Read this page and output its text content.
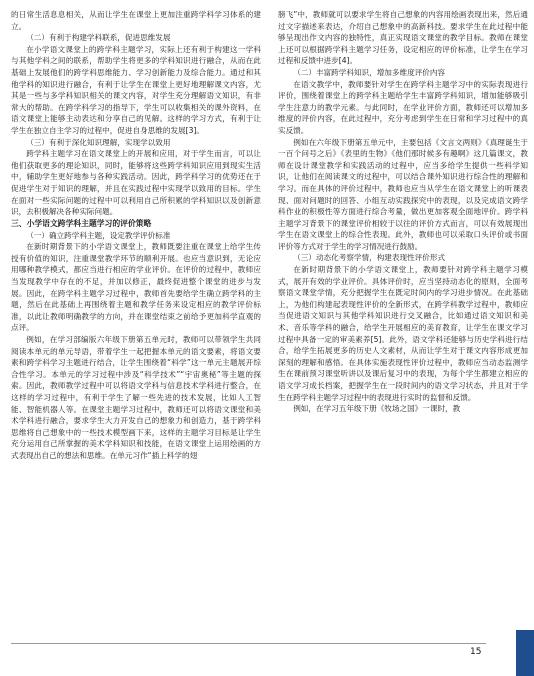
的日常生活息息相关，从而让学生在课堂上更加注重跨学科学习体系的建立。

（二）有利于构建学科联系，促进思维发展

在小学语文课堂上的跨学科主题学习，实际上还有利于构建这一学科与其他学科之间的联系，帮助学生将更多的学科知识进行融合，从而在此基础上发展他们的跨学科思维能力、学习创新能力及综合能力。通过和其他学科的知识进行融合，有利于让学生在课堂上更好地理解课文内容，尤其是一些与多学科知识相关的课文内容，对学生充分理解语文知识，有非常大的帮助。在跨学科学习的指导下，学生可以收集相关的课外资料，在语文课堂上能够主动表达和分享自己的见解。这样的学习方式，有利于让学生在独立自主学习的过程中，促进自身思维的发展[3]。

（三）有利于深化知识理解，实现学以致用

跨学科主题学习在语文课堂上的开展和应用，对于学生而言，可以让他们获取更多的理论知识，同时，能够将这些跨学科知识应用到现实生活中，辅助学生更好地参与各种实践活动。因此，跨学科学习的优势还在于促进学生对于知识的理解，并且在实践过程中实现学以致用的目标。学生在面对一些实际问题的过程中可以利用自己所积累的学科知识以及创新意识，去积极解决各种实际问题。

三、小学语文跨学科主题学习的评价策略

（一）确立跨学科主题，设定教学评价标准

在新时期背景下的小学语文课堂上，教师既要注重在课堂上给学生传授有价值的知识，注重课堂教学环节的顺利开展。也应当意识到，无论应用哪种教学模式，都应当进行相应的学业评价。在评价的过程中，教师应当发现教学中存在的不足，并加以修正，最终促进整个课堂的进步与发展。因此，在跨学科主题学习过程中，教师首先要给学生确立跨学科的主题，然后在此基础上再围绕着主题和教学任务来设定相应的教学评价标准，以此让教师明确教学的方向，并在课堂结束之前给予更加科学直观的点评。

例如，在学习部编版六年级下册第五单元时，教师可以带领学生共同阅读本单元的单元导语，带着学生一起把握本单元的语文要素，将语文要素和跨学科学习主题进行结合，让学生围绕着“科学”这一单元主题展开综合性学习。本单元的学习过程中涉及“科学技术”“宇宙奥秘”等主题的探索。因此，教师教学过程中可以将语文学科与信息技术学科进行整合，在这样的学习过程中，有利于学生了解一些先进的技术发展，比如人工智能、智能机器人等。在课堂主题学习过程中，教师还可以将语文课堂和美术学科进行融合，要求学生大力开发自己的想象力和创造力，基于跨学科思维将自己想象中的一些技术模型画下来，这样的主题学习目标是让学生充分运用自己所掌握的美术学科知识和技能，在语文课堂上运用绘画的方式表现出自己的想法和思维。在单元习作“插上科学的翅

膀飞”中，教师就可以要求学生将自己想象的内容用绘画表现出来，然后通过文字描述来表达，介绍自己想象中的高新科技。要求学生在此过程中能够呈现出作文内容的独特性，真正实现语文课堂的教学目标。教师在课堂上还可以根据跨学科主题学习任务，设定相应的评价标准，让学生在学习过程和反馈中进步[4]。

（二）丰富跨学科知识，增加多维度评价内容

在语文教学中，教师要针对学生在跨学科主题学习中的实际表现进行评价，围绕着课堂上的跨学科主题给学生丰富跨学科知识，增加能够吸引学生注意力的教学元素。与此同时，在学业评价方面，教师还可以增加多维度的评价内容，在此过程中，充分考虑到学生在日常和学习过程中的真实反馈。

例如在六年级下册第五单元中，主要包括《文言文两则》《真理诞生于一百个问号之后》《表里的生物》《他们那时候多有趣啊》这几篇课文，教师在设计课堂教学和实践活动的过程中，应当多给学生提供一些科学知识，让他们在阅读课文的过程中，可以结合课外知识进行综合性的理解和学习。而在具体的评价过程中，教师也应当从学生在语文课堂上的听课表现、面对问题时的回答、小组互动实践探究中的表现，以及完成语文跨学科作业的积极性等方面进行综合考量，做出更加客观全面地评价。跨学科主题学习背景下的课堂评价相较于以往的评价方式而言，可以有效展现出学生在语文课堂上的综合性表现。此外，教师也可以采取口头评价或书面评价等方式对于学生的学习情况进行鼓励。

（三）动态化考察学情，构建表现性评价形式

在新时期背景下的小学语文课堂上，教师要针对跨学科主题学习模式，展开有效的学业评价。具体评价时，应当坚持动态化的原则，全面考察语文课堂学情，充分把握学生在既定时间内的学习进步情况。在此基础上，为他们构建起表现性评价的全新形式，在跨学科教学过程中，教师应当促进语文知识与其他学科知识进行交叉融合，比如通过语文知识和美术、音乐等学科的融合，给学生开展相应的美育教育，让学生在课文学习过程中具备一定的审美素养[5]。此外，语文学科还能够与历史学科进行结合，给学生拓展更多的历史人文素材，从而让学生对于课文内容形成更加深刻的理解和感悟。在具体实施表现性评价过程中，教师应当动态监测学生在课前预习课堂听讲以及课后复习中的表现，为每个学生都建立相应的语文学习成长档案，把握学生在一段时间内的语文学习状态，并且对于学生在跨学科主题学习过程中的表现进行实时的监督和反馈。

例如，在学习五年级下册《牧场之国》一课时，教

15
